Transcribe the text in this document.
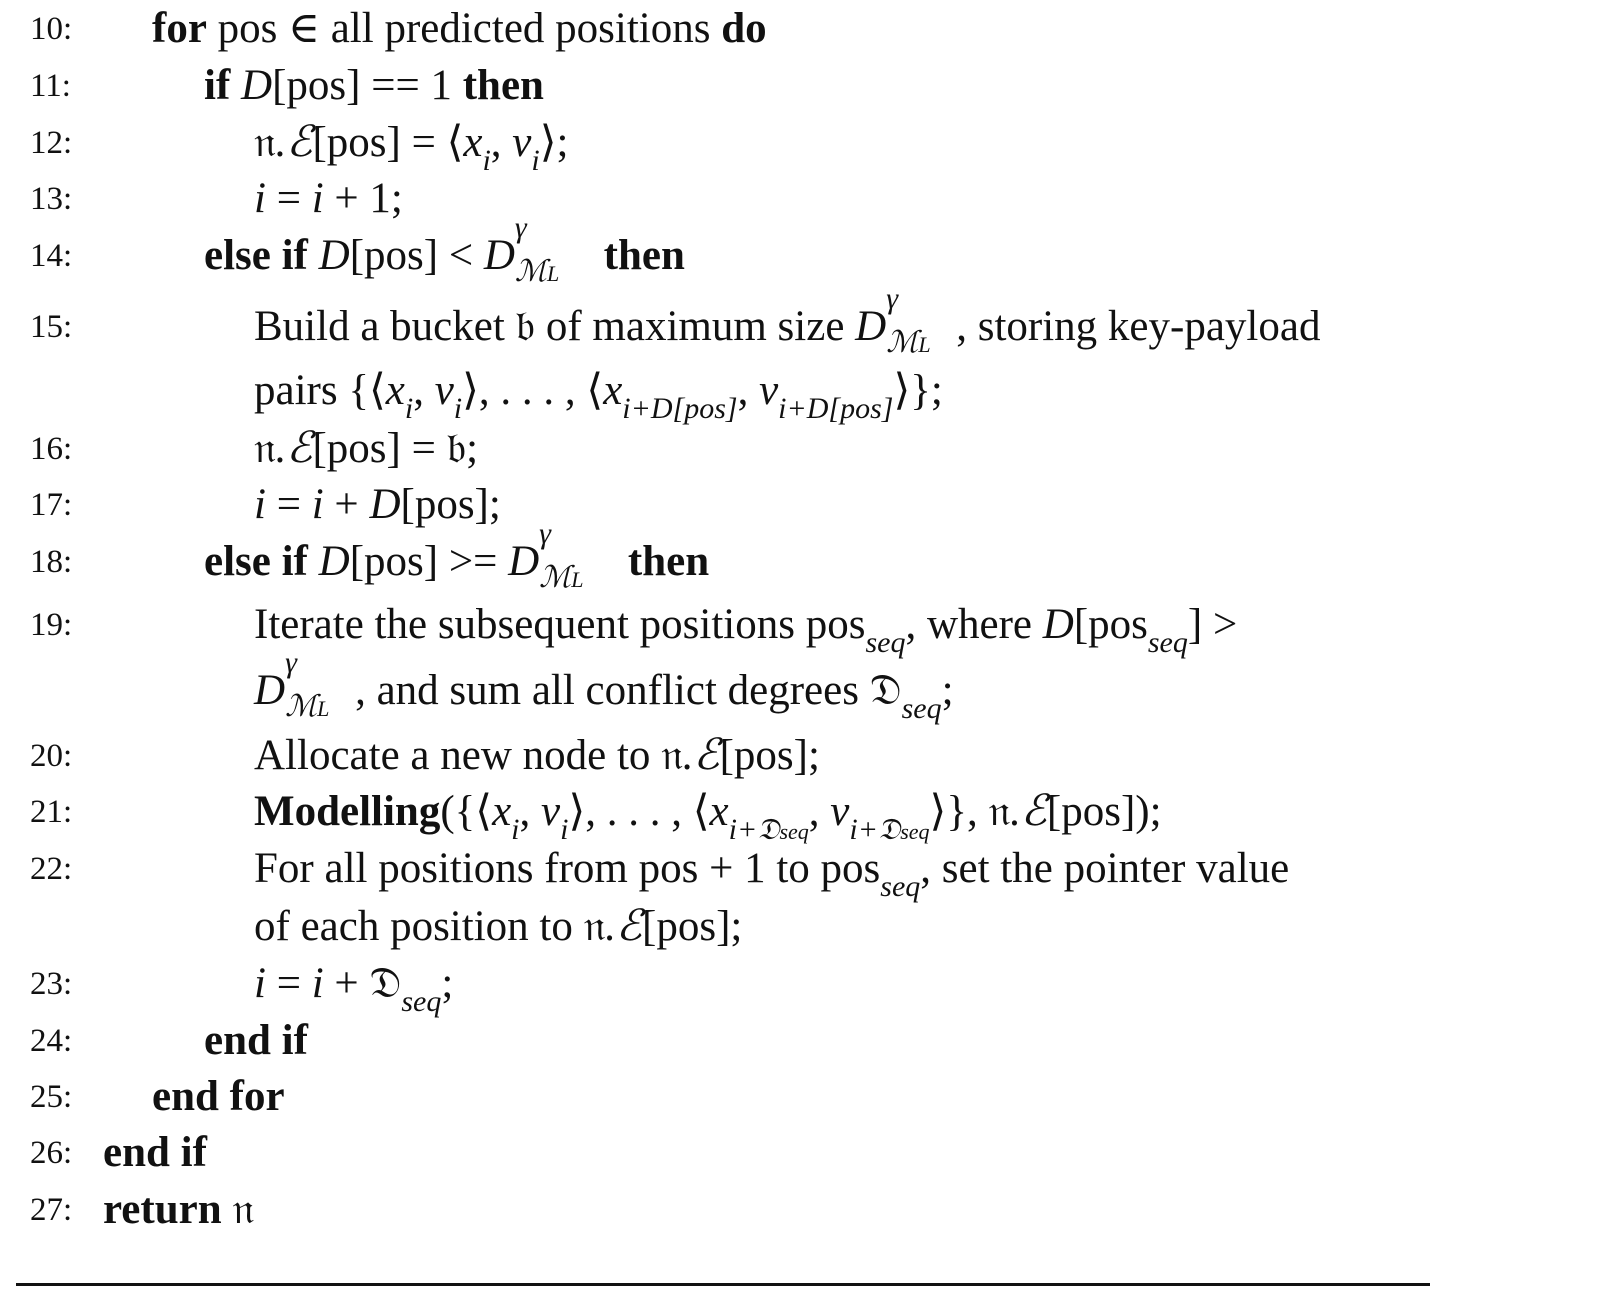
10:	for pos ∈ all predicted positions do
11:	if D[pos] == 1 then
12:	𝔫.ℰ[pos] = $⟨x_i$, $v_i⟩$;
13:	i = i + 1;
14:	else if D[pos] < D
γ
ℳL then
15:	Build a bucket 𝔟 of maximum size D
γ
ℳL , storing key-payload
pairs {$⟨x_i$, $v_i⟩$, . . . , $⟨x_{i+D[pos]}$, $v_{i+D[pos]}⟩$};
16:	𝔫.ℰ[pos] = 𝔟;
17:	i = i + D[pos];
18:	else if D[pos] >= D
γ
ℳL then
19:	Iterate the subsequent positions pos$_{seq}$, where D[pos$_{seq}$] >
D
γ
ℳL , and sum all conflict degrees 𝔇$_{seq}$;
20:	Allocate a new node to 𝔫.ℰ[pos];
21:	$Modelling(\{⟨x_i$, $v_i⟩$, . . . , $⟨x_{i+𝔇seq}$, $v_{i+𝔇seq}⟩$}, 𝔫.ℰ[pos]);
22:	For all positions from pos + 1 to pos$_{seq}$, set the pointer value
of each position to 𝔫.ℰ[pos];
23:	i = i + 𝔇$_{seq}$;
24:	end if
25:	end for
26: end if
27: return 𝔫
